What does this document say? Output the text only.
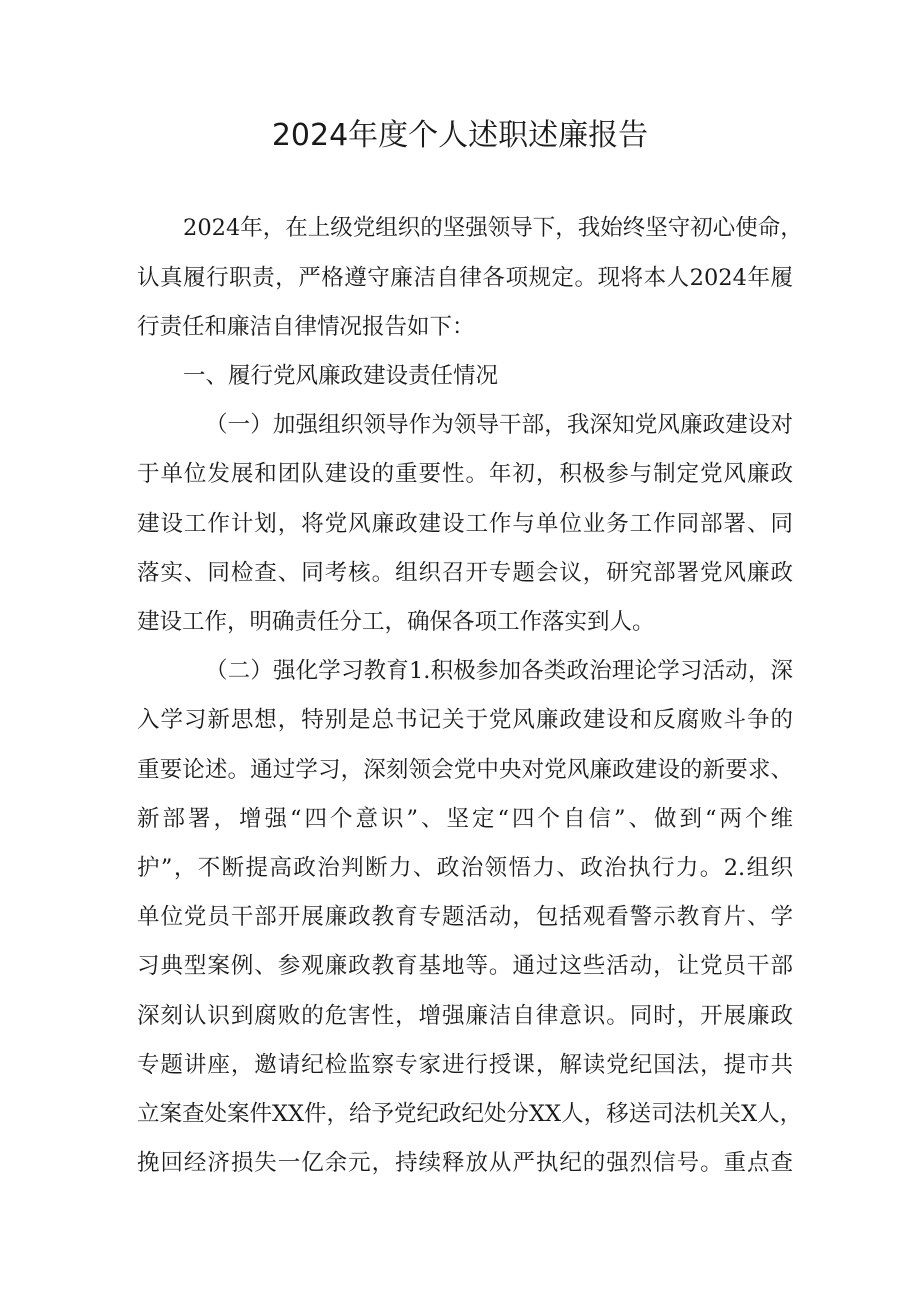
2024年度个人述职述廉报告
2024年，在上级党组织的坚强领导下，我始终坚守初心使命，
认真履行职责，严格遵守廉洁自律各项规定。现将本人2024年履
行责任和廉洁自律情况报告如下：
一、履行党风廉政建设责任情况
（一）加强组织领导作为领导干部，我深知党风廉政建设对
于单位发展和团队建设的重要性。年初，积极参与制定党风廉政
建设工作计划，将党风廉政建设工作与单位业务工作同部署、同
落实、同检查、同考核。组织召开专题会议，研究部署党风廉政
建设工作，明确责任分工，确保各项工作落实到人。
（二）强化学习教育1.积极参加各类政治理论学习活动，深
入学习新思想，特别是总书记关于党风廉政建设和反腐败斗争的
重要论述。通过学习，深刻领会党中央对党风廉政建设的新要求、
新部署，增强“四个意识”、坚定“四个自信”、做到“两个维
护”，不断提高政治判断力、政治领悟力、政治执行力。2.组织
单位党员干部开展廉政教育专题活动，包括观看警示教育片、学
习典型案例、参观廉政教育基地等。通过这些活动，让党员干部
深刻认识到腐败的危害性，增强廉洁自律意识。同时，开展廉政
专题讲座，邀请纪检监察专家进行授课，解读党纪国法，提市共
立案查处案件XX件，给予党纪政纪处分XX人，移送司法机关X人，
挽回经济损失一亿余元，持续释放从严执纪的强烈信号。重点查
